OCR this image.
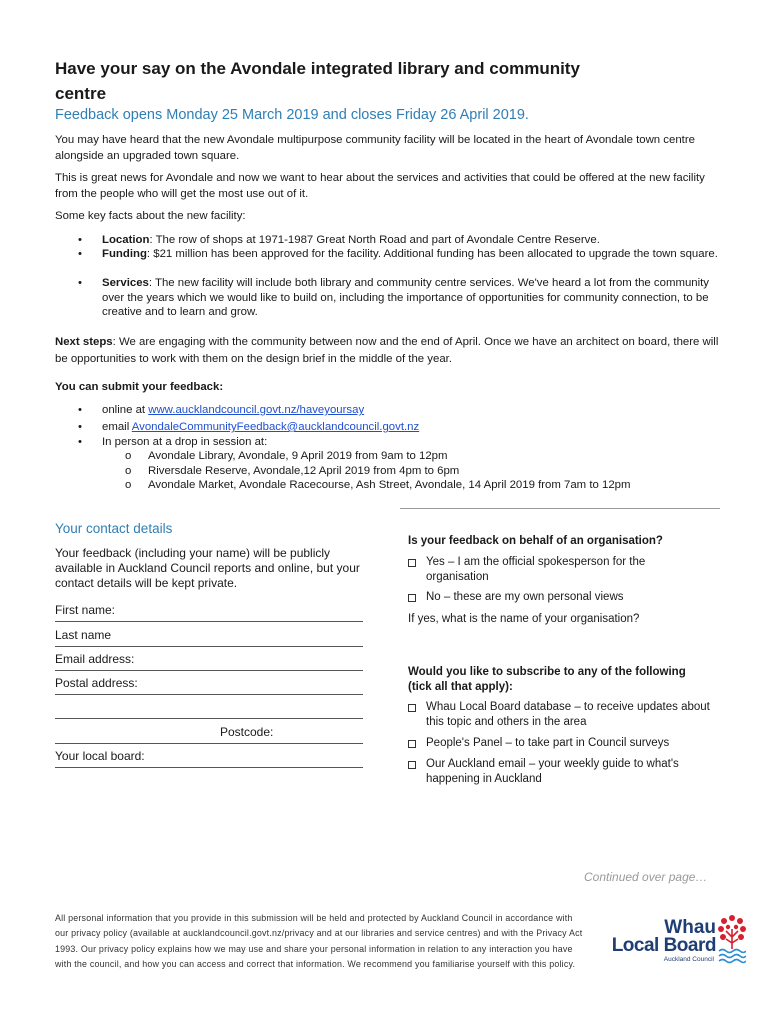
Have your say on the Avondale integrated library and community centre

Feedback opens Monday 25 March 2019 and closes Friday 26 April 2019.

You may have heard that the new Avondale multipurpose community facility will be located in the heart of Avondale town centre alongside an upgraded town square.

This is great news for Avondale and now we want to hear about the services and activities that could be offered at the new facility from the people who will get the most use out of it.

Some key facts about the new facility:

• Location: The row of shops at 1971-1987 Great North Road and part of Avondale Centre Reserve.
• Funding: $21 million has been approved for the facility. Additional funding has been allocated to upgrade the town square.
• Services: The new facility will include both library and community centre services. We've heard a lot from the community over the years which we would like to build on, including the importance of opportunities for community connection, to be creative and to learn and grow.

Next steps: We are engaging with the community between now and the end of April. Once we have an architect on board, there will be opportunities to work with them on the design brief in the middle of the year.

You can submit your feedback:

• online at www.aucklandcouncil.govt.nz/haveyoursay
• email AvondaleCommunityFeedback@aucklandcouncil.govt.nz
• In person at a drop in session at:
o Avondale Library, Avondale, 9 April 2019 from 9am to 12pm
o Riversdale Reserve, Avondale,12 April 2019 from 4pm to 6pm
o Avondale Market, Avondale Racecourse, Ash Street, Avondale, 14 April 2019 from 7am to 12pm
Your contact details
Your feedback (including your name) will be publicly available in Auckland Council reports and online, but your contact details will be kept private.
First name:
Last name
Email address:
Postal address:
Postcode:
Your local board:
Is your feedback on behalf of an organisation?
Yes – I am the official spokesperson for the organisation
No – these are my own personal views
If yes, what is the name of your organisation?
Would you like to subscribe to any of the following (tick all that apply):
Whau Local Board database – to receive updates about this topic and others in the area
People's Panel – to take part in Council surveys
Our Auckland email – your weekly guide to what's happening in Auckland
Continued over page…
All personal information that you provide in this submission will be held and protected by Auckland Council in accordance with our privacy policy (available at aucklandcouncil.govt.nz/privacy and at our libraries and service centres) and with the Privacy Act 1993. Our privacy policy explains how we may use and share your personal information in relation to any interaction you have with the council, and how you can access and correct that information. We recommend you familiarise yourself with this policy.
Whau
Local Board
Auckland Council
